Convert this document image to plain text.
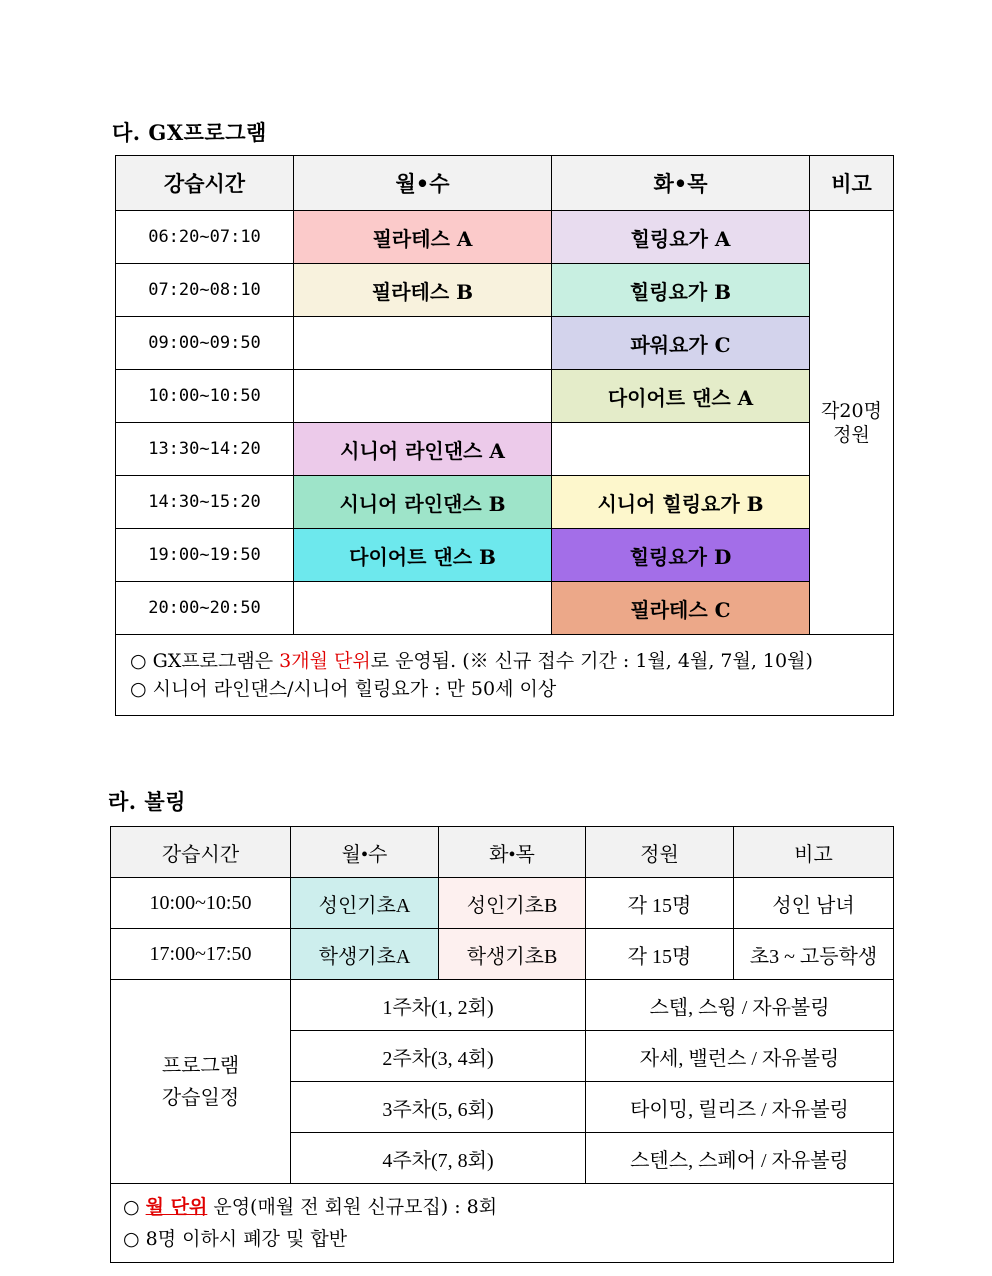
다. GX프로그램
강습시간	월•수	화•목	비고
06:20~07:10	필라테스 A	힐링요가 A	각20명
정원

07:20~08:10	필라테스 B	힐링요가 B	
09:00~09:50		파워요가 C	
10:00~10:50		다이어트 댄스 A	
13:30~14:20	시니어 라인댄스 A		
14:30~15:20	시니어 라인댄스 B	시니어 힐링요가 B	
19:00~19:50	다이어트 댄스 B	힐링요가 D	
20:00~20:50		필라테스 C	

○ GX프로그램은 3개월 단위로 운영됨. (※ 신규 접수 기간 : 1월, 4월, 7월, 10월)
○ 시니어 라인댄스/시니어 힐링요가 : 만 50세 이상			
라. 볼링
강습시간	월•수	화•목	정원	비고
10:00~10:50	성인기초A	성인기초B	각 15명	성인 남녀
17:00~17:50	학생기초A	학생기초B	각 15명	초3 ~ 고등학생

프로그램
강습일정	1주차(1, 2회)		스텝, 스윙 / 자유볼링	
	2주차(3, 4회)		자세, 밸런스 / 자유볼링	
	3주차(5, 6회)		타이밍, 릴리즈 / 자유볼링	
	4주차(7, 8회)		스텐스, 스페어 / 자유볼링	

○ 월 단위 운영(매월 전 회원 신규모집) : 8회
○ 8명 이하시 폐강 및 합반				
